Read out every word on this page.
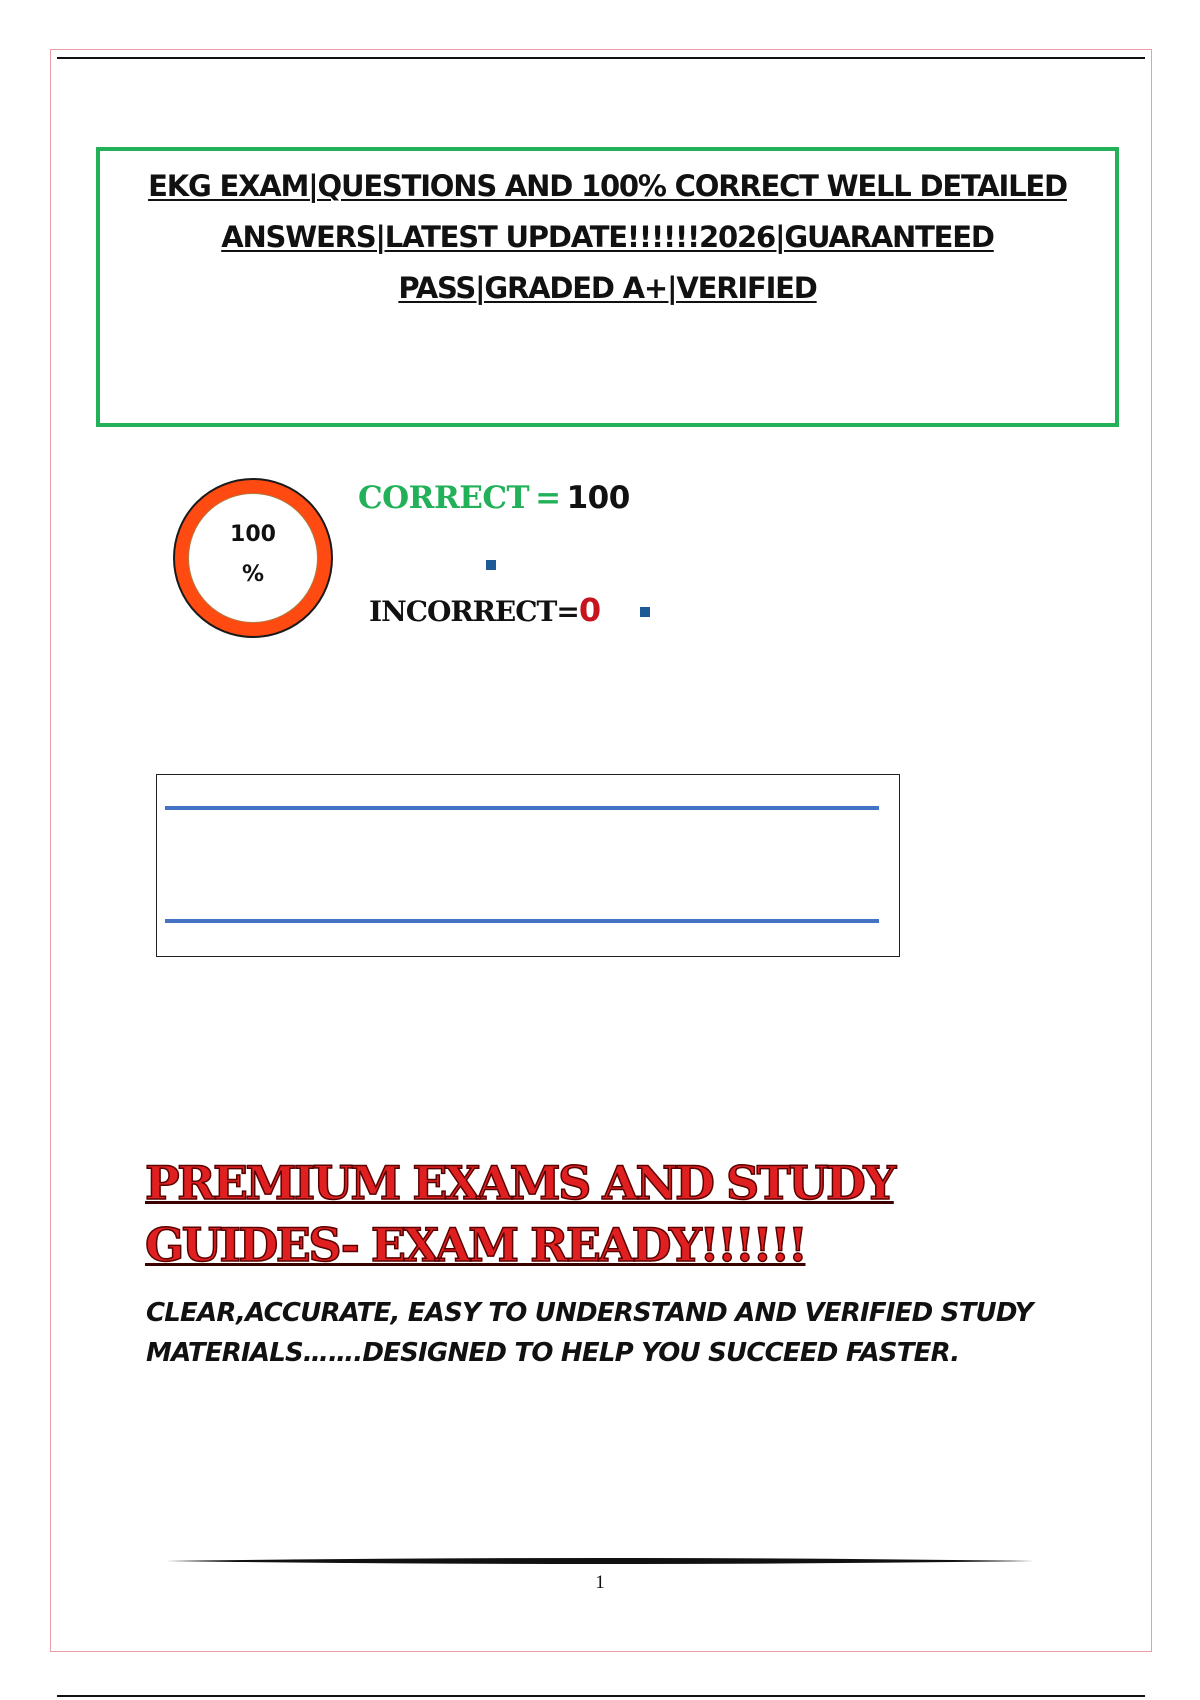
EKG EXAM|QUESTIONS AND 100% CORRECT WELL DETAILED ANSWERS|LATEST UPDATE!!!!!!2026|GUARANTEED PASS|GRADED A+|VERIFIED
100
%
CORRECT = 100
INCORRECT=0
PREMIUM EXAMS AND STUDY GUIDES- EXAM READY!!!!!!
CLEAR,ACCURATE, EASY TO UNDERSTAND AND VERIFIED STUDY MATERIALS…….DESIGNED TO HELP YOU SUCCEED FASTER.
1
